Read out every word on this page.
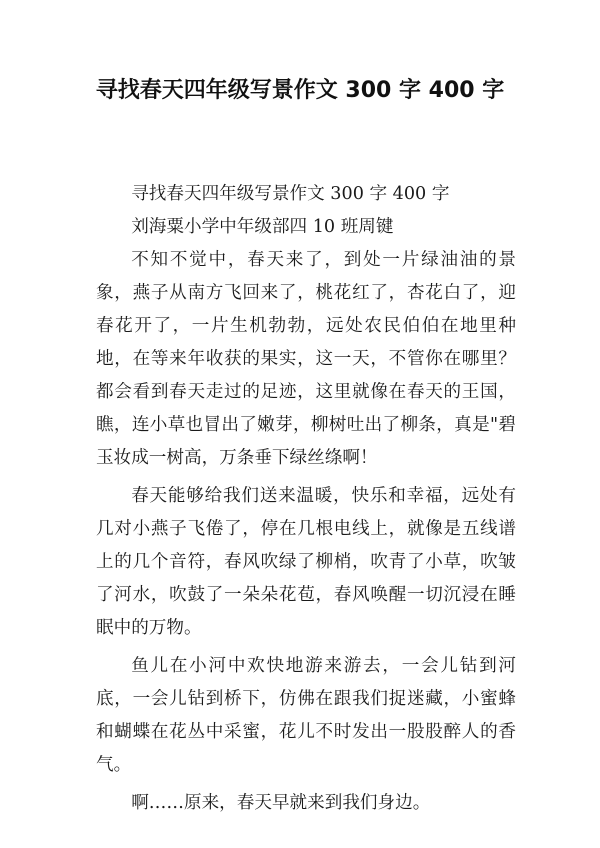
寻找春天四年级写景作文 300 字 400 字

寻找春天四年级写景作文 300 字 400 字

刘海粟小学中年级部四 10 班周键

不知不觉中，春天来了，到处一片绿油油的景象，燕子从南方飞回来了，桃花红了，杏花白了，迎春花开了，一片生机勃勃，远处农民伯伯在地里种地，在等来年收获的果实，这一天，不管你在哪里？都会看到春天走过的足迹，这里就像在春天的王国，瞧，连小草也冒出了嫩芽，柳树吐出了柳条，真是"碧玉妆成一树高，万条垂下绿丝绦啊！

春天能够给我们送来温暖，快乐和幸福，远处有几对小燕子飞倦了，停在几根电线上，就像是五线谱上的几个音符，春风吹绿了柳梢，吹青了小草，吹皱了河水，吹鼓了一朵朵花苞，春风唤醒一切沉浸在睡眠中的万物。

鱼儿在小河中欢快地游来游去，一会儿钻到河底，一会儿钻到桥下，仿佛在跟我们捉迷藏，小蜜蜂和蝴蝶在花丛中采蜜，花儿不时发出一股股醉人的香气。

啊……原来，春天早就来到我们身边。
